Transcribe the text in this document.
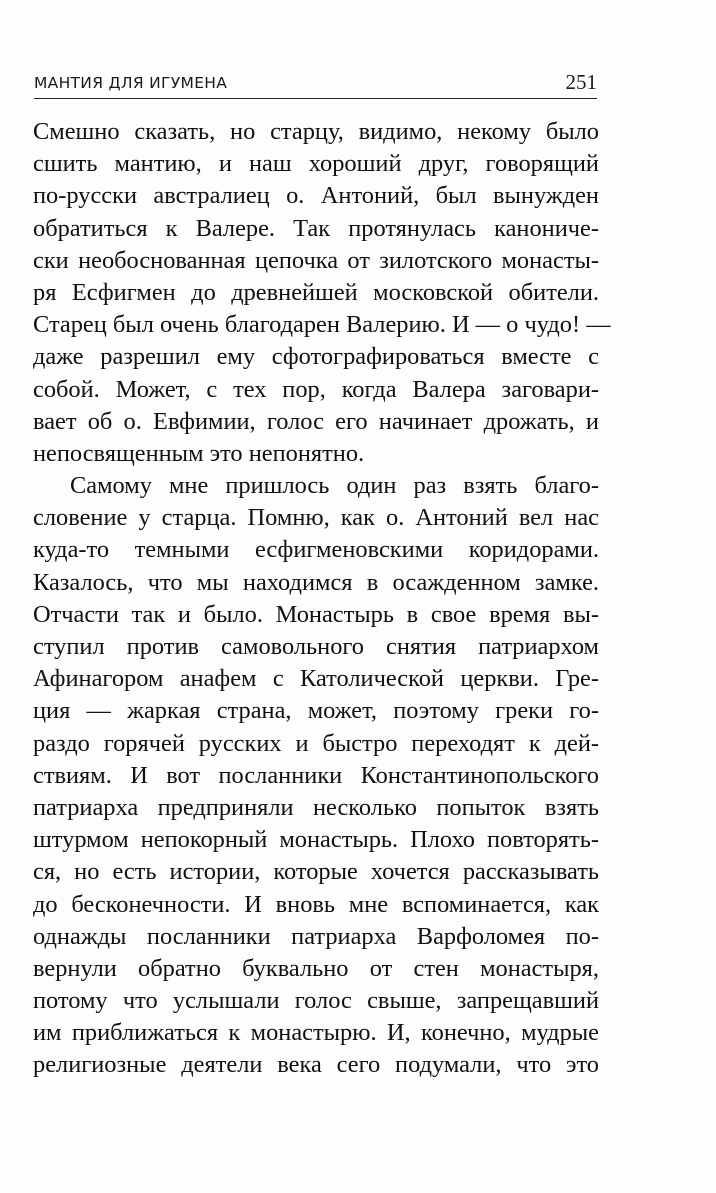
МАНТИЯ ДЛЯ ИГУМЕНА	251
Смешно сказать, но старцу, видимо, некому было
сшить мантию, и наш хороший друг, говорящий
по-русски австралиец о. Антоний, был вынужден
обратиться к Валере. Так протянулась канониче-
ски необоснованная цепочка от зилотского монасты-
ря Есфигмен до древнейшей московской обители.
Старец был очень благодарен Валерию. И — о чудо! —
даже разрешил ему сфотографироваться вместе с
собой. Может, с тех пор, когда Валера заговари-
вает об о. Евфимии, голос его начинает дрожать, и
непосвященным это непонятно.
Самому мне пришлось один раз взять благо-
словение у старца. Помню, как о. Антоний вел нас
куда-то темными есфигменовскими коридорами.
Казалось, что мы находимся в осажденном замке.
Отчасти так и было. Монастырь в свое время вы-
ступил против самовольного снятия патриархом
Афинагором анафем с Католической церкви. Гре-
ция — жаркая страна, может, поэтому греки го-
раздо горячей русских и быстро переходят к дей-
ствиям. И вот посланники Константинопольского
патриарха предприняли несколько попыток взять
штурмом непокорный монастырь. Плохо повторять-
ся, но есть истории, которые хочется рассказывать
до бесконечности. И вновь мне вспоминается, как
однажды посланники патриарха Варфоломея по-
вернули обратно буквально от стен монастыря,
потому что услышали голос свыше, запрещавший
им приближаться к монастырю. И, конечно, мудрые
религиозные деятели века сего подумали, что это
